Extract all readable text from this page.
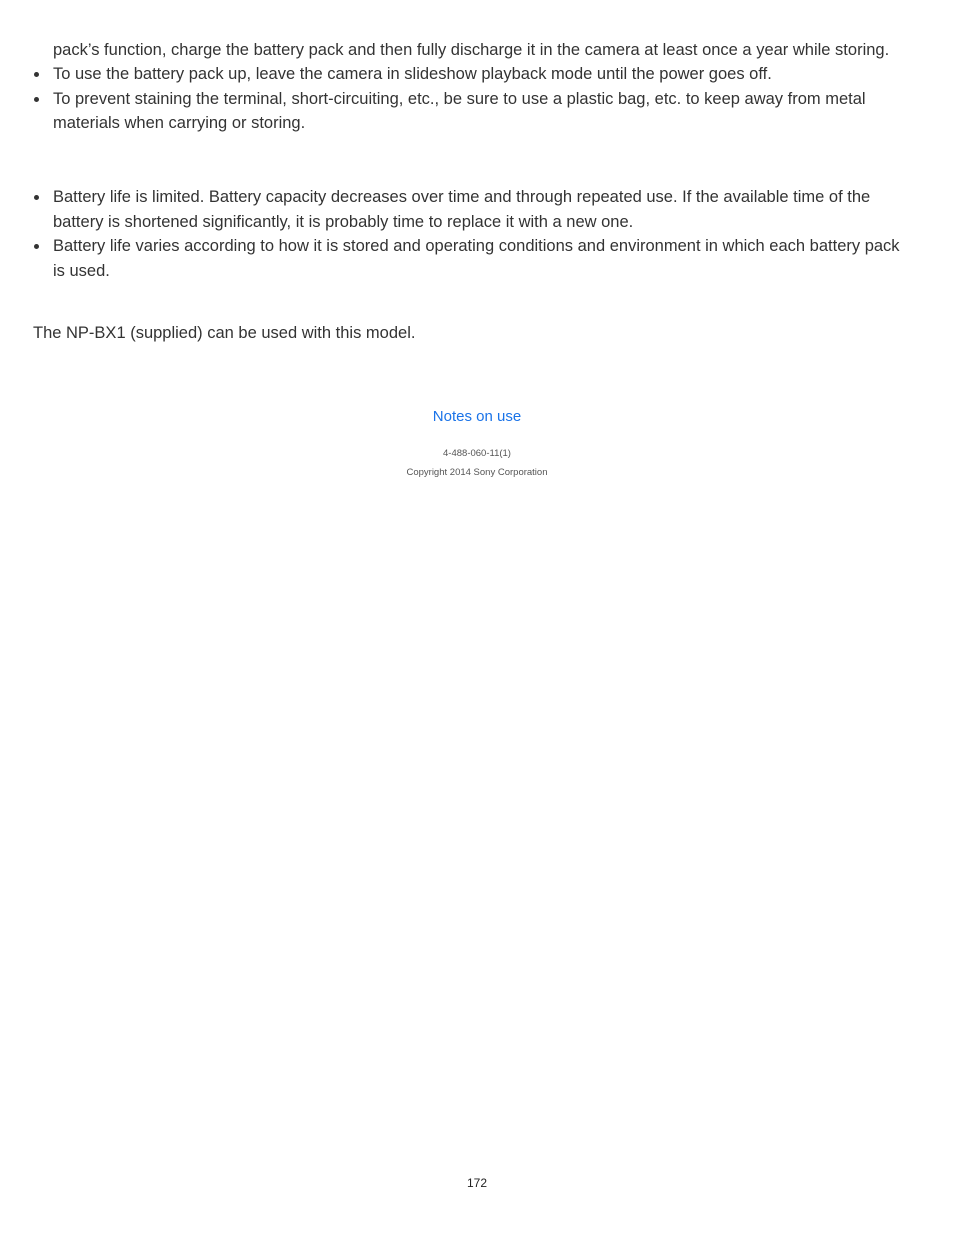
pack’s function, charge the battery pack and then fully discharge it in the camera at least once a year while storing.
To use the battery pack up, leave the camera in slideshow playback mode until the power goes off.
To prevent staining the terminal, short-circuiting, etc., be sure to use a plastic bag, etc. to keep away from metal materials when carrying or storing.
Battery life is limited. Battery capacity decreases over time and through repeated use. If the available time of the battery is shortened significantly, it is probably time to replace it with a new one.
Battery life varies according to how it is stored and operating conditions and environment in which each battery pack is used.
The NP-BX1 (supplied) can be used with this model.
Notes on use
4-488-060-11(1)
Copyright 2014 Sony Corporation
172
